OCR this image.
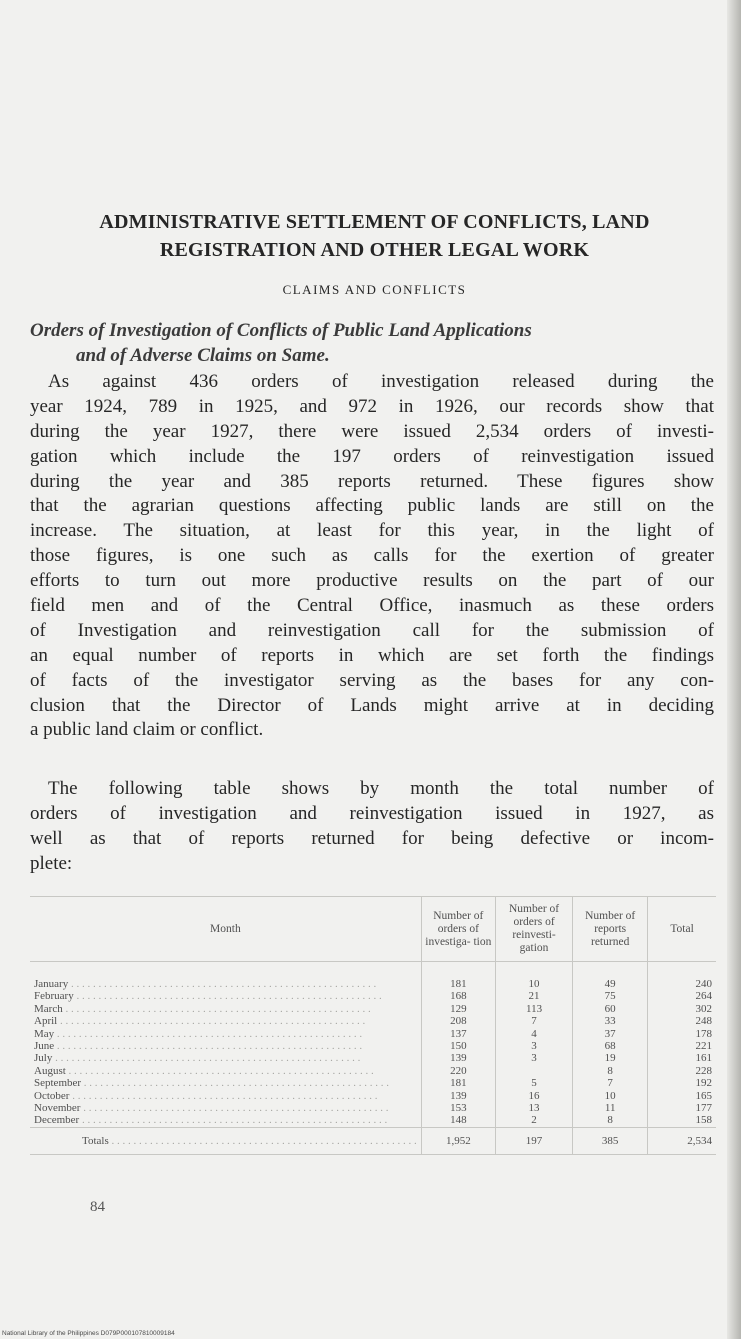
ADMINISTRATIVE SETTLEMENT OF CONFLICTS, LAND
REGISTRATION AND OTHER LEGAL WORK
CLAIMS AND CONFLICTS
Orders of Investigation of Conflicts of Public Land Applications
and of Adverse Claims on Same.
As against 436 orders of investigation released during the
year 1924, 789 in 1925, and 972 in 1926, our records show that
during the year 1927, there were issued 2,534 orders of investi-
gation which include the 197 orders of reinvestigation issued
during the year and 385 reports returned. These figures show
that the agrarian questions affecting public lands are still on the
increase. The situation, at least for this year, in the light of
those figures, is one such as calls for the exertion of greater
efforts to turn out more productive results on the part of our
field men and of the Central Office, inasmuch as these orders
of Investigation and reinvestigation call for the submission of
an equal number of reports in which are set forth the findings
of facts of the investigator serving as the bases for any con-
clusion that the Director of Lands might arrive at in deciding
a public land claim or conflict.
The following table shows by month the total number of
orders of investigation and reinvestigation issued in 1927, as
well as that of reports returned for being defective or incom-
plete:
Month	Number of orders of investiga- tion	Number of orders of reinvesti- gation	Number of reports returned	Total

January . . .	181	10	49	240

February . . .	168	21	75	264

March . . .	129	113	60	302

April . . .	208	7	33	248

May . . .	137	4	37	178

June . . .	150	3	68	221

July . . .	139	3	19	161

August . . .	220		8	228

September . . .	181	5	7	192

October . . .	139	16	10	165

November . . .	153	13	11	177

December . . .	148	2	8	158

Totals . . .	1,952	197	385	2,534
84
National Library of the Philippines D079P000107810009184
